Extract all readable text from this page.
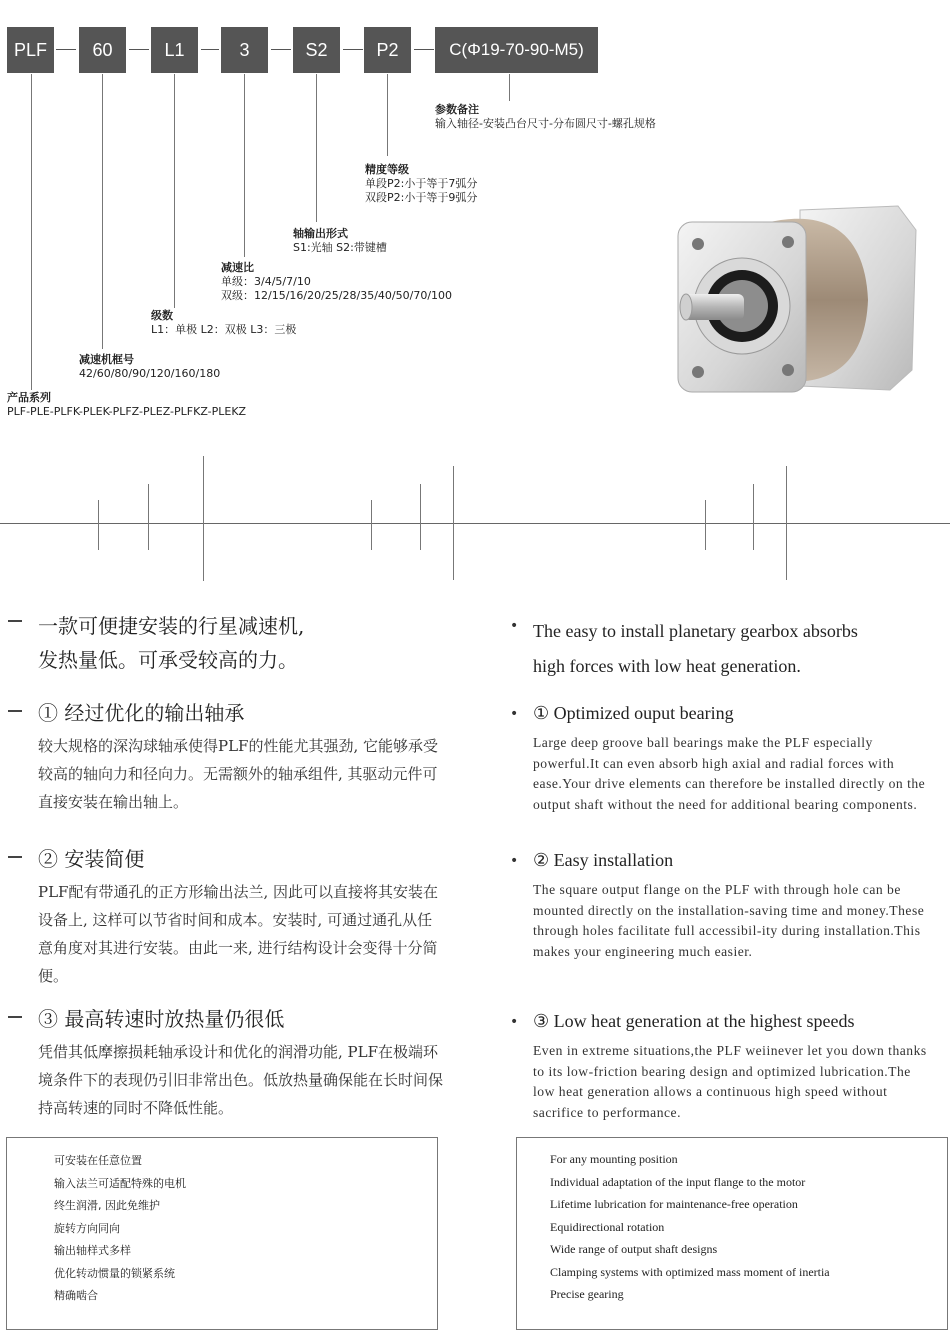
PLF	60	L1	3	S2	P2	C(Φ19-70-90-M5)
参数备注
输入轴径-安装凸台尺寸-分布圆尺寸-螺孔规格
精度等级
单段P2:小于等于7弧分
双段P2:小于等于9弧分
轴输出形式
S1:光轴 S2:带键槽
减速比
单级：3/4/5/7/10
双级：12/15/16/20/25/28/35/40/50/70/100
级数
L1：单极 L2：双极 L3：三极
减速机框号
42/60/80/90/120/160/180
产品系列
PLF-PLE-PLFK-PLEK-PLFZ-PLEZ-PLFKZ-PLEKZ
一款可便捷安装的行星减速机,
发热量低。可承受较高的力。
① 经过优化的输出轴承
较大规格的深沟球轴承使得PLF的性能尤其强劲, 它能够承受较高的轴向力和径向力。无需额外的轴承组件, 其驱动元件可直接安装在输出轴上。
② 安装简便
PLF配有带通孔的正方形输出法兰, 因此可以直接将其安装在设备上, 这样可以节省时间和成本。安装时, 可通过通孔从任意角度对其进行安装。由此一来, 进行结构设计会变得十分简便。
③ 最高转速时放热量仍很低
凭借其低摩擦损耗轴承设计和优化的润滑功能, PLF在极端环境条件下的表现仍引旧非常出色。低放热量确保能在长时间保持高转速的同时不降低性能。
• The easy to install planetary gearbox absorbs
high forces with low heat generation.
• ① Optimized ouput bearing
Large deep groove ball bearings make the PLF especially powerful.It can even absorb high axial and radial forces with ease.Your drive elements can therefore be installed directly on the output shaft without the need for additional bearing components.
• ② Easy installation
The square output flange on the PLF with through hole can be mounted directly on the installation-saving time and money.These through holes facilitate full accessibil-ity during installation.This makes your engineering much easier.
• ③ Low heat generation at the highest speeds
Even in extreme situations,the PLF weiinever let you down thanks to its low-friction bearing design and optimized lubrication.The low heat generation allows a continuous high speed without sacrifice to performance.
可安装在任意位置
输入法兰可适配特殊的电机
终生润滑, 因此免维护
旋转方向同向
输出轴样式多样
优化转动惯量的锁紧系统
精确啮合
For any mounting position
Individual adaptation of the input flange to the motor
Lifetime lubrication for maintenance-free operation
Equidirectional rotation
Wide range of output shaft designs
Clamping systems with optimized mass moment of inertia
Precise gearing
